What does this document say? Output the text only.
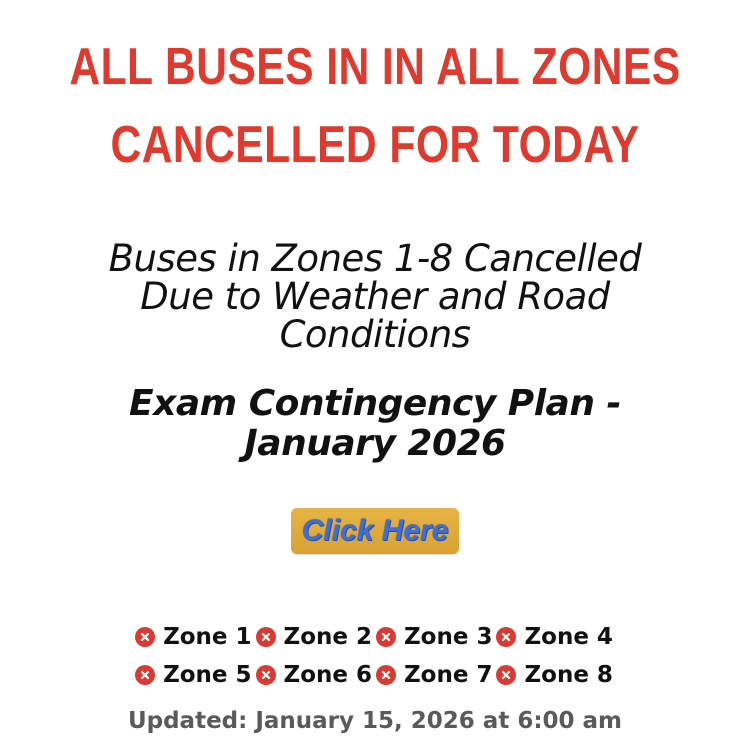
ALL BUSES IN IN ALL ZONES
CANCELLED FOR TODAY
Buses in Zones 1-8 Cancelled
Due to Weather and Road
Conditions
Exam Contingency Plan -
January 2026
Click Here
Zone 1 Zone 2 Zone 3 Zone 4
Zone 5 Zone 6 Zone 7 Zone 8
Updated: January 15, 2026 at 6:00 am
